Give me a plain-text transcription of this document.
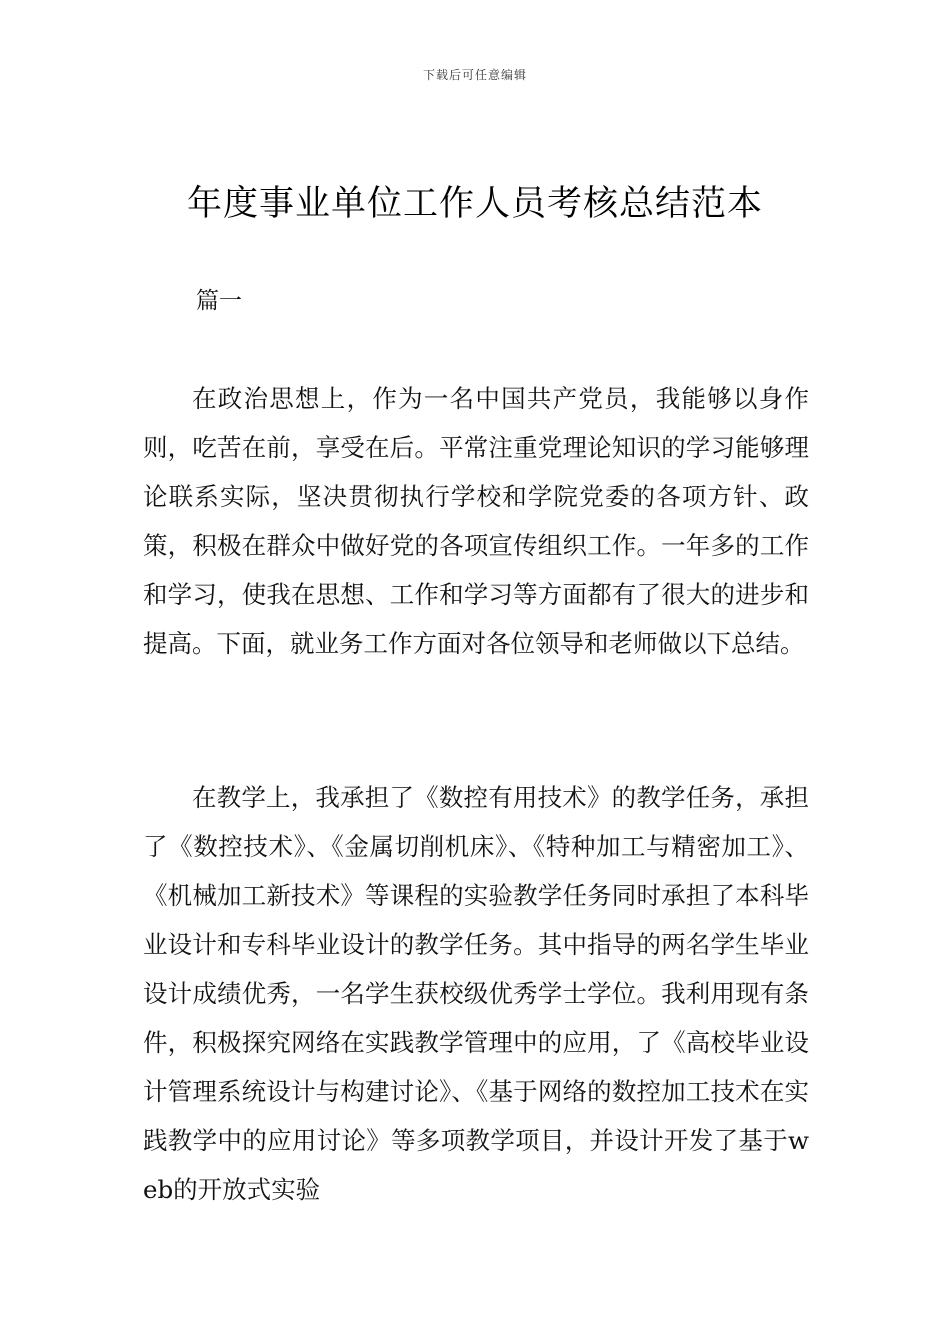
下载后可任意编辑
年度事业单位工作人员考核总结范本
篇一

在政治思想上，作为一名中国共产党员，我能够以身作则，吃苦在前，享受在后。平常注重党理论知识的学习能够理论联系实际，坚决贯彻执行学校和学院党委的各项方针、政策，积极在群众中做好党的各项宣传组织工作。一年多的工作和学习，使我在思想、工作和学习等方面都有了很大的进步和提高。下面，就业务工作方面对各位领导和老师做以下总结。

在教学上，我承担了《数控有用技术》的教学任务，承担了《数控技术》、《金属切削机床》、《特种加工与精密加工》、《机械加工新技术》等课程的实验教学任务同时承担了本科毕业设计和专科毕业设计的教学任务。其中指导的两名学生毕业设计成绩优秀，一名学生获校级优秀学士学位。我利用现有条件，积极探究网络在实践教学管理中的应用，了《高校毕业设计管理系统设计与构建讨论》、《基于网络的数控加工技术在实践教学中的应用讨论》等多项教学项目，并设计开发了基于web的开放式实验
